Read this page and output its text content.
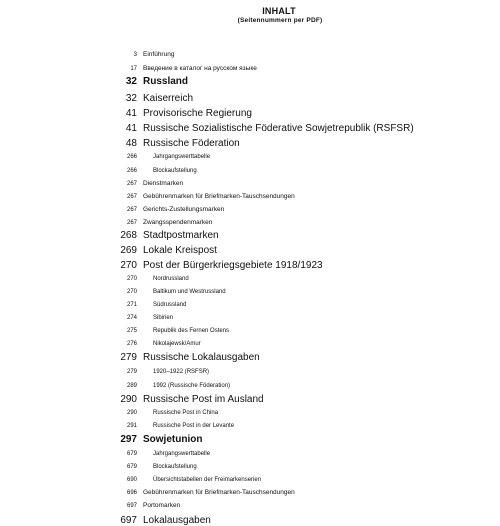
INHALT
(Seitennummern per PDF)
3 Einführung
17 Введение в каталог на русском языке
32 Russland
32 Kaiserreich
41 Provisorische Regierung
41 Russische Sozialistische Föderative Sowjetrepublik (RSFSR)
48 Russische Föderation
266	Jahrgangswerttabelle
266	Blockaufstellung
267 Dienstmarken
267 Gebührenmarken für Briefmarken-Tauschsendungen
267 Gerichts-Zustellungsmarken
267 Zwangsspendenmarken
268 Stadtpostmarken
269 Lokale Kreispost
270 Post der Bürgerkriegsgebiete 1918/1923
270	Nordrussland
270	Baltikum und Westrussland
271	Südrussland
274	Sibirien
275	Republik des Fernen Ostens
276	Nikolajewsk/Amur
279 Russische Lokalausgaben
279	1920–1922 (RSFSR)
289	1992 (Russische Föderation)
290 Russische Post im Ausland
290	Russische Post in China
291	Russische Post in der Levante
297 Sowjetunion
679	Jahrgangswerttabelle
679	Blockaufstellung
690	Übersichtstabellen der Freimarkenserien
696 Gebührenmarken für Briefmarken-Tauschsendungen
697 Portomarken
697 Lokalausgaben
